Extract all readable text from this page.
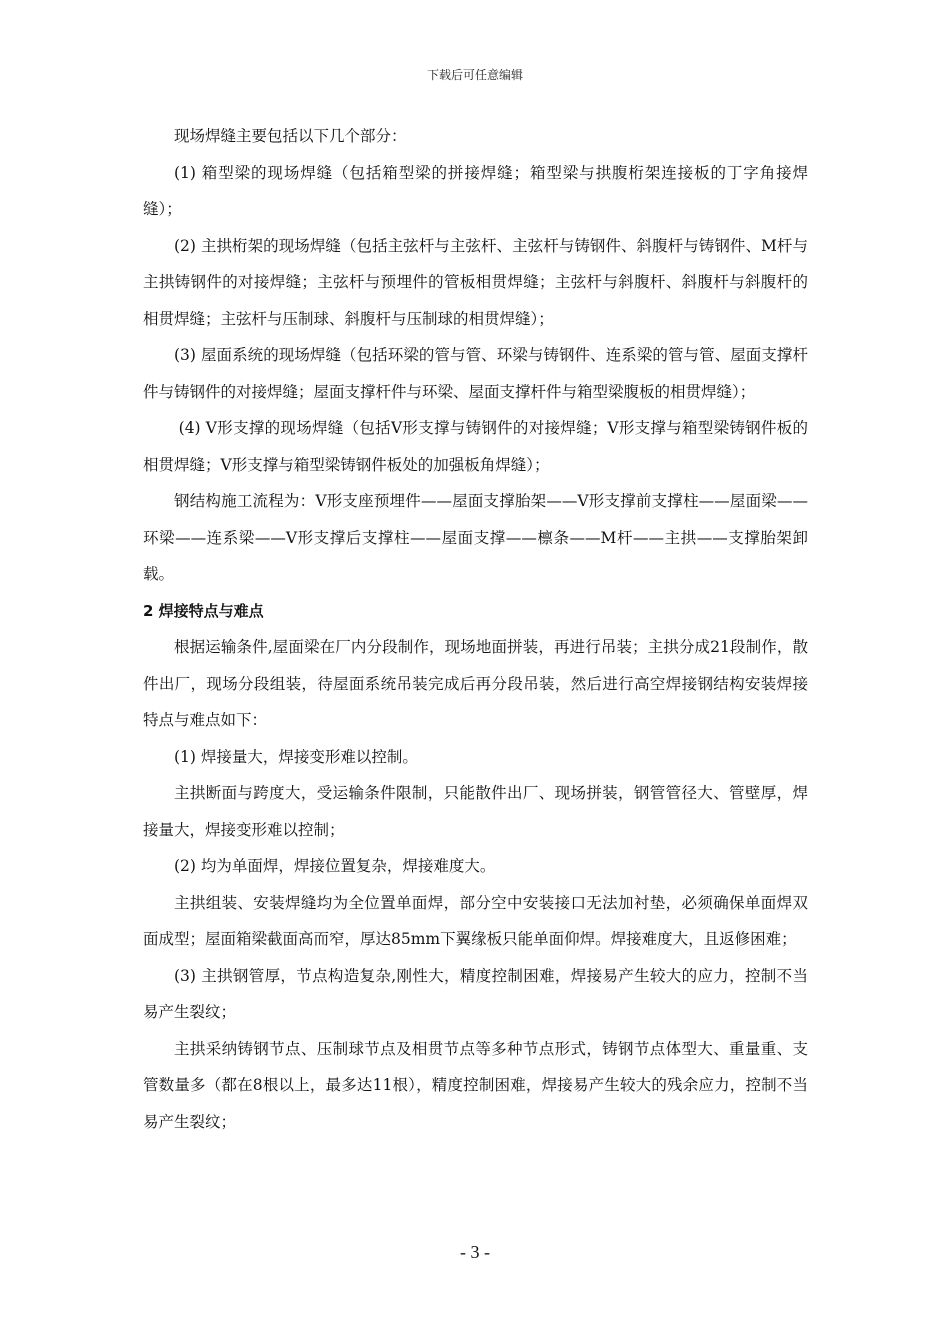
下载后可任意编辑

现场焊缝主要包括以下几个部分：

(1) 箱型梁的现场焊缝（包括箱型梁的拼接焊缝；箱型梁与拱腹桁架连接板的丁字角接焊缝）；

(2) 主拱桁架的现场焊缝（包括主弦杆与主弦杆、主弦杆与铸钢件、斜腹杆与铸钢件、M杆与主拱铸钢件的对接焊缝；主弦杆与预埋件的管板相贯焊缝；主弦杆与斜腹杆、斜腹杆与斜腹杆的相贯焊缝；主弦杆与压制球、斜腹杆与压制球的相贯焊缝）；

(3) 屋面系统的现场焊缝（包括环梁的管与管、环梁与铸钢件、连系梁的管与管、屋面支撑杆件与铸钢件的对接焊缝；屋面支撑杆件与环梁、屋面支撑杆件与箱型梁腹板的相贯焊缝）；

(4) V形支撑的现场焊缝（包括V形支撑与铸钢件的对接焊缝；V形支撑与箱型梁铸钢件板的相贯焊缝；V形支撑与箱型梁铸钢件板处的加强板角焊缝）；

钢结构施工流程为：V形支座预埋件——屋面支撑胎架——V形支撑前支撑柱——屋面梁——环梁——连系梁——V形支撑后支撑柱——屋面支撑——檩条——M杆——主拱——支撑胎架卸载。

2 焊接特点与难点

根据运输条件,屋面梁在厂内分段制作，现场地面拼装，再进行吊装；主拱分成21段制作，散件出厂，现场分段组装，待屋面系统吊装完成后再分段吊装，然后进行高空焊接钢结构安装焊接特点与难点如下：

(1) 焊接量大，焊接变形难以控制。

主拱断面与跨度大，受运输条件限制，只能散件出厂、现场拼装，钢管管径大、管壁厚，焊接量大，焊接变形难以控制；

(2) 均为单面焊，焊接位置复杂，焊接难度大。

主拱组装、安装焊缝均为全位置单面焊，部分空中安装接口无法加衬垫，必须确保单面焊双面成型；屋面箱梁截面高而窄，厚达85mm下翼缘板只能单面仰焊。焊接难度大，且返修困难；

(3) 主拱钢管厚，节点构造复杂,刚性大，精度控制困难，焊接易产生较大的应力，控制不当易产生裂纹；

主拱采纳铸钢节点、压制球节点及相贯节点等多种节点形式，铸钢节点体型大、重量重、支管数量多（都在8根以上，最多达11根），精度控制困难，焊接易产生较大的残余应力，控制不当易产生裂纹；

- 3 -
